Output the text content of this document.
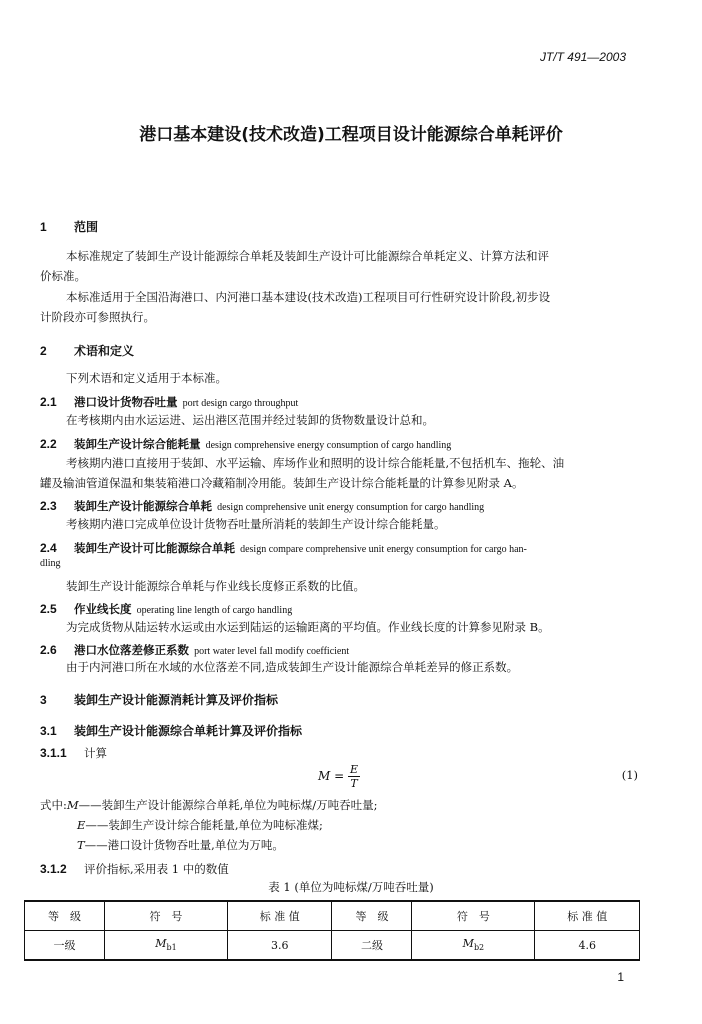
JT/T 491—2003
港口基本建设(技术改造)工程项目设计能源综合单耗评价
1 范围
本标准规定了装卸生产设计能源综合单耗及装卸生产设计可比能源综合单耗定义、计算方法和评
价标准。
本标准适用于全国沿海港口、内河港口基本建设(技术改造)工程项目可行性研究设计阶段,初步设
计阶段亦可参照执行。
2 术语和定义
下列术语和定义适用于本标准。
2.1 港口设计货物吞吐量 port design cargo throughput
在考核期内由水运运进、运出港区范围并经过装卸的货物数量设计总和。
2.2 装卸生产设计综合能耗量 design comprehensive energy consumption of cargo handling
考核期内港口直接用于装卸、水平运输、库场作业和照明的设计综合能耗量,不包括机车、拖轮、油
罐及输油管道保温和集装箱港口冷藏箱制冷用能。装卸生产设计综合能耗量的计算参见附录 A。
2.3 装卸生产设计能源综合单耗 design comprehensive unit energy consumption for cargo handling
考核期内港口完成单位设计货物吞吐量所消耗的装卸生产设计综合能耗量。
2.4 装卸生产设计可比能源综合单耗 design compare comprehensive unit energy consumption for cargo han-
dling
装卸生产设计能源综合单耗与作业线长度修正系数的比值。
2.5 作业线长度 operating line length of cargo handling
为完成货物从陆运转水运或由水运到陆运的运输距离的平均值。作业线长度的计算参见附录 B。
2.6 港口水位落差修正系数 port water level fall modify coefficient
由于内河港口所在水域的水位落差不同,造成装卸生产设计能源综合单耗差异的修正系数。
3 装卸生产设计能源消耗计算及评价指标
3.1 装卸生产设计能源综合单耗计算及评价指标
3.1.1 计算
$M = \frac{E}{T}$	(1)
式中:M——装卸生产设计能源综合单耗,单位为吨标煤/万吨吞吐量;
E——装卸生产设计综合能耗量,单位为吨标准煤;
T——港口设计货物吞吐量,单位为万吨。
3.1.2 评价指标,采用表 1 中的数值
表 1 (单位为吨标煤/万吨吞吐量)
等　级	符　号	标 准 值	等　级	符　号	标 准 值
一级	$M_{b1}$	3.6	二级	$M_{b2}$	4.6
1
